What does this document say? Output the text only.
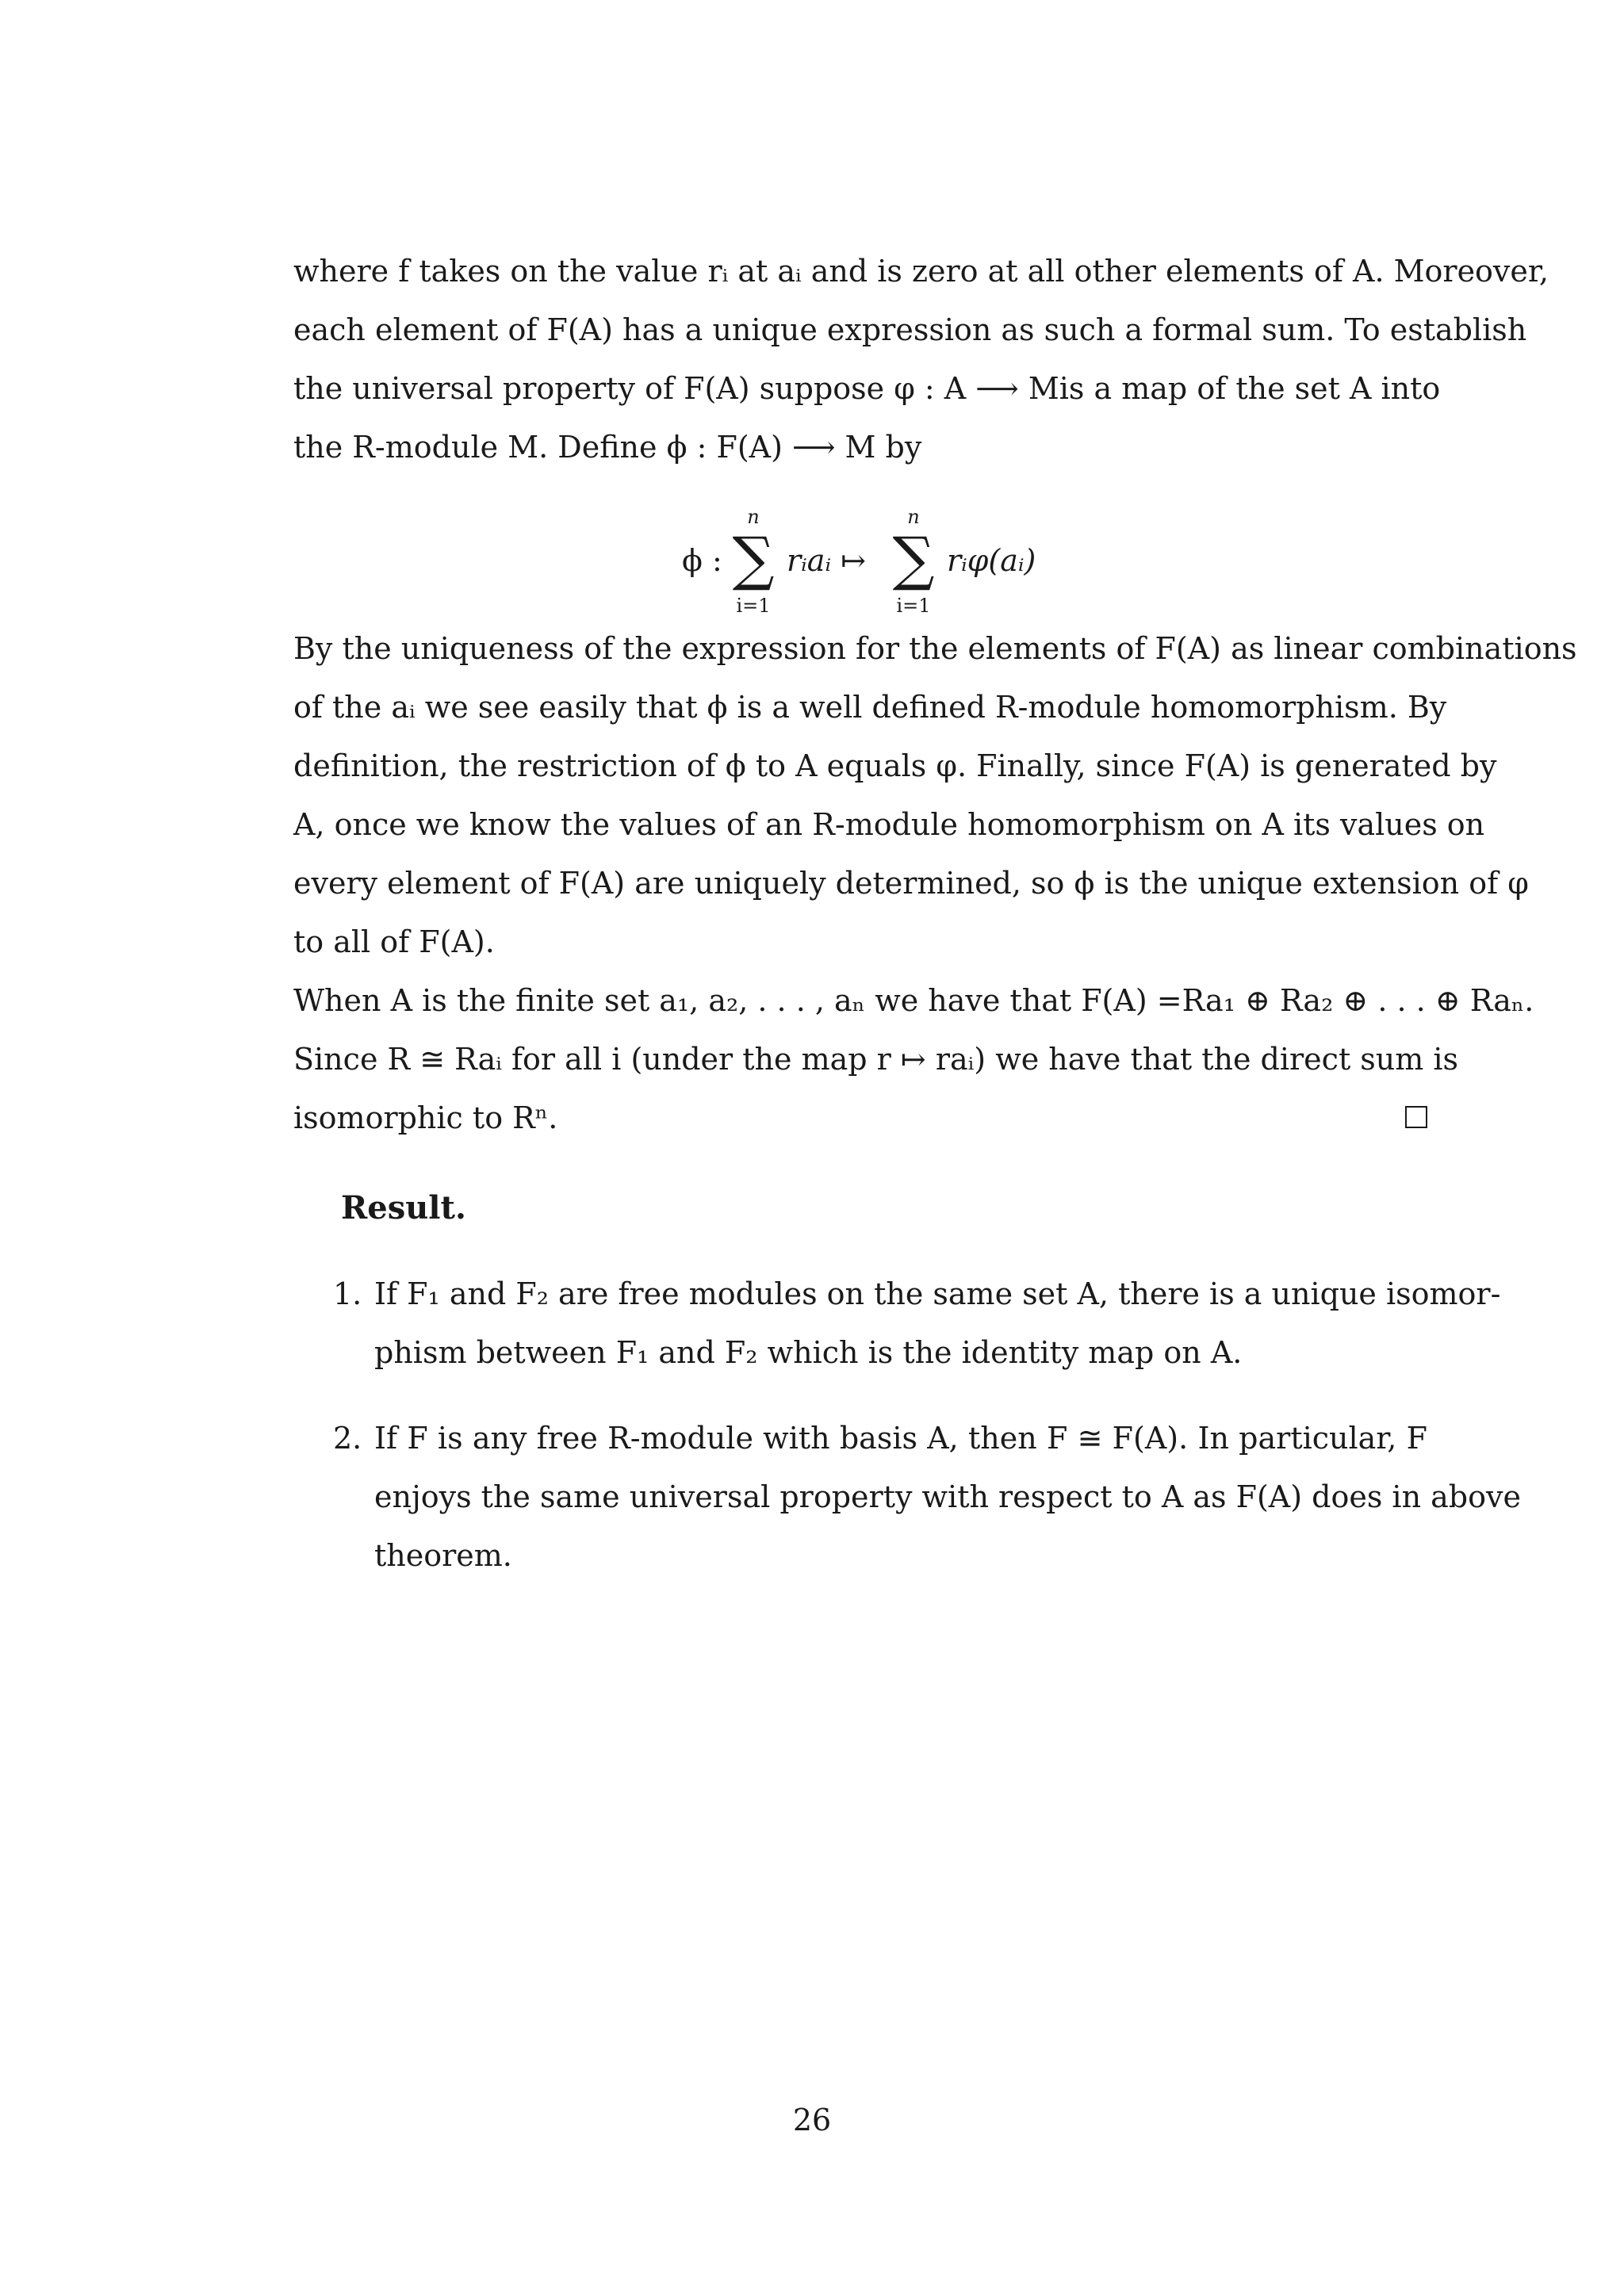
where f takes on the value rᵢ at aᵢ and is zero at all other elements of A. Moreover,
each element of F(A) has a unique expression as such a formal sum. To establish
the universal property of F(A) suppose φ : A ⟶ Mis a map of the set A into
the R-module M. Define ϕ : F(A) ⟶ M by
ϕ :
n
∑
i=1
rᵢaᵢ ↦
n
∑
i=1
rᵢφ(aᵢ)
By the uniqueness of the expression for the elements of F(A) as linear combinations
of the aᵢ we see easily that ϕ is a well defined R-module homomorphism. By
definition, the restriction of ϕ to A equals φ. Finally, since F(A) is generated by
A, once we know the values of an R-module homomorphism on A its values on
every element of F(A) are uniquely determined, so ϕ is the unique extension of φ
to all of F(A).
When A is the finite set a₁, a₂, . . . , aₙ we have that F(A) =Ra₁ ⊕ Ra₂ ⊕ . . . ⊕ Raₙ.
Since R ≅ Raᵢ for all i (under the map r ↦ raᵢ) we have that the direct sum is
isomorphic to Rⁿ.
Result.
1. If F₁ and F₂ are free modules on the same set A, there is a unique isomor-
phism between F₁ and F₂ which is the identity map on A.
2. If F is any free R-module with basis A, then F ≅ F(A). In particular, F
enjoys the same universal property with respect to A as F(A) does in above
theorem.
26
